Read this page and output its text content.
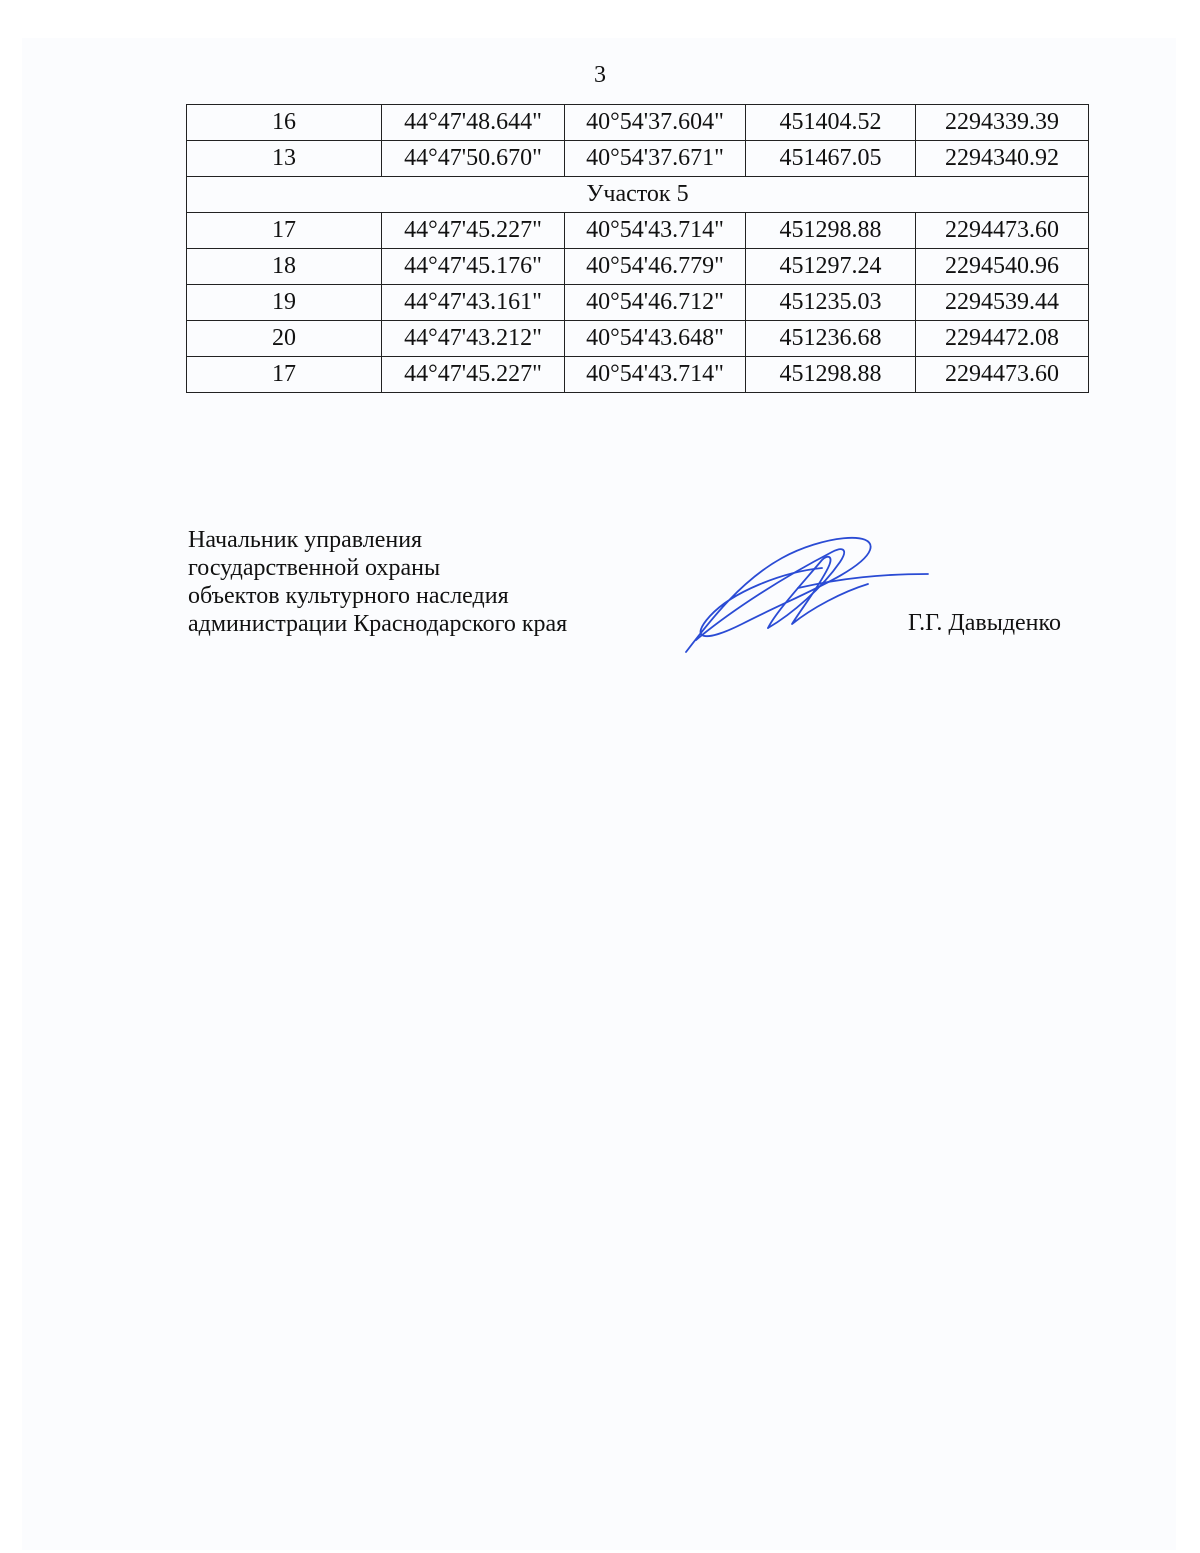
3
16	44°47'48.644"	40°54'37.604"	451404.52	2294339.39
13	44°47'50.670"	40°54'37.671"	451467.05	2294340.92
Участок 5				
17	44°47'45.227"	40°54'43.714"	451298.88	2294473.60
18	44°47'45.176"	40°54'46.779"	451297.24	2294540.96
19	44°47'43.161"	40°54'46.712"	451235.03	2294539.44
20	44°47'43.212"	40°54'43.648"	451236.68	2294472.08
17	44°47'45.227"	40°54'43.714"	451298.88	2294473.60
Начальник управления
государственной охраны
объектов культурного наследия
администрации Краснодарского края	Г.Г. Давыденко
